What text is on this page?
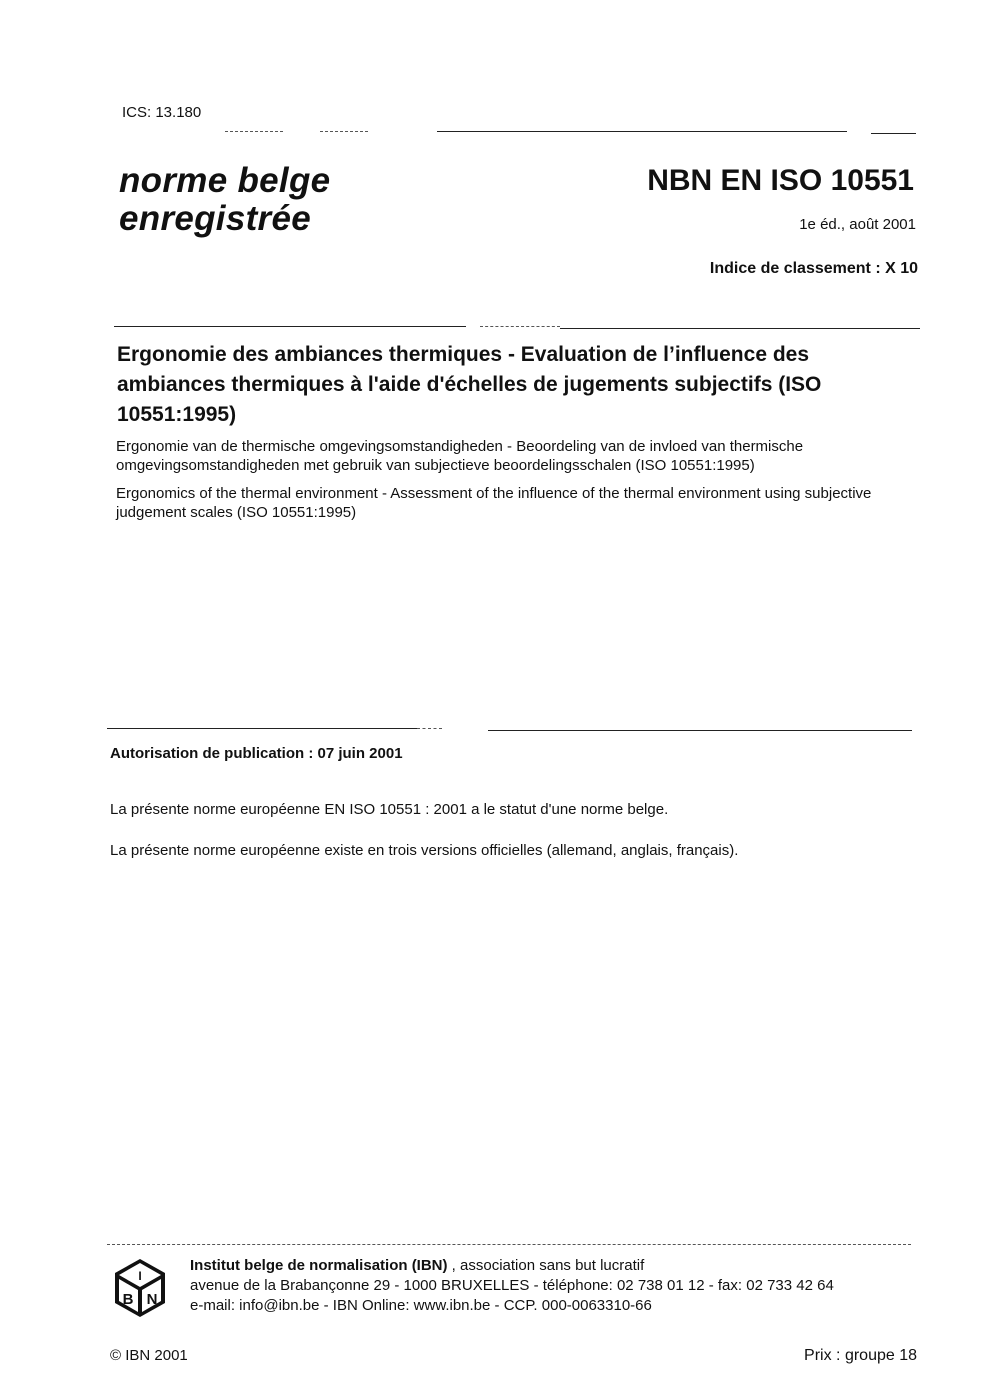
ICS: 13.180
norme belge
enregistrée
NBN EN ISO 10551
1e éd., août 2001
Indice de classement : X 10
Ergonomie des ambiances thermiques - Evaluation de l’influence des ambiances thermiques à l'aide d'échelles de jugements subjectifs (ISO 10551:1995)
Ergonomie van de thermische omgevingsomstandigheden - Beoordeling van de invloed van thermische omgevingsomstandigheden met gebruik van subjectieve beoordelingsschalen (ISO 10551:1995)
Ergonomics of the thermal environment - Assessment of the influence of the thermal environment using subjective judgement scales (ISO 10551:1995)
Autorisation de publication : 07 juin 2001
La présente norme européenne EN ISO 10551 : 2001 a le statut d'une norme belge.
La présente norme européenne existe en trois versions officielles (allemand, anglais, français).
I
B N
Institut belge de normalisation (IBN) , association sans but lucratif
avenue de la Brabançonne 29 - 1000 BRUXELLES - téléphone: 02 738 01 12 - fax: 02 733 42 64
e-mail: info@ibn.be - IBN Online: www.ibn.be - CCP. 000-0063310-66
© IBN 2001	Prix : groupe 18
